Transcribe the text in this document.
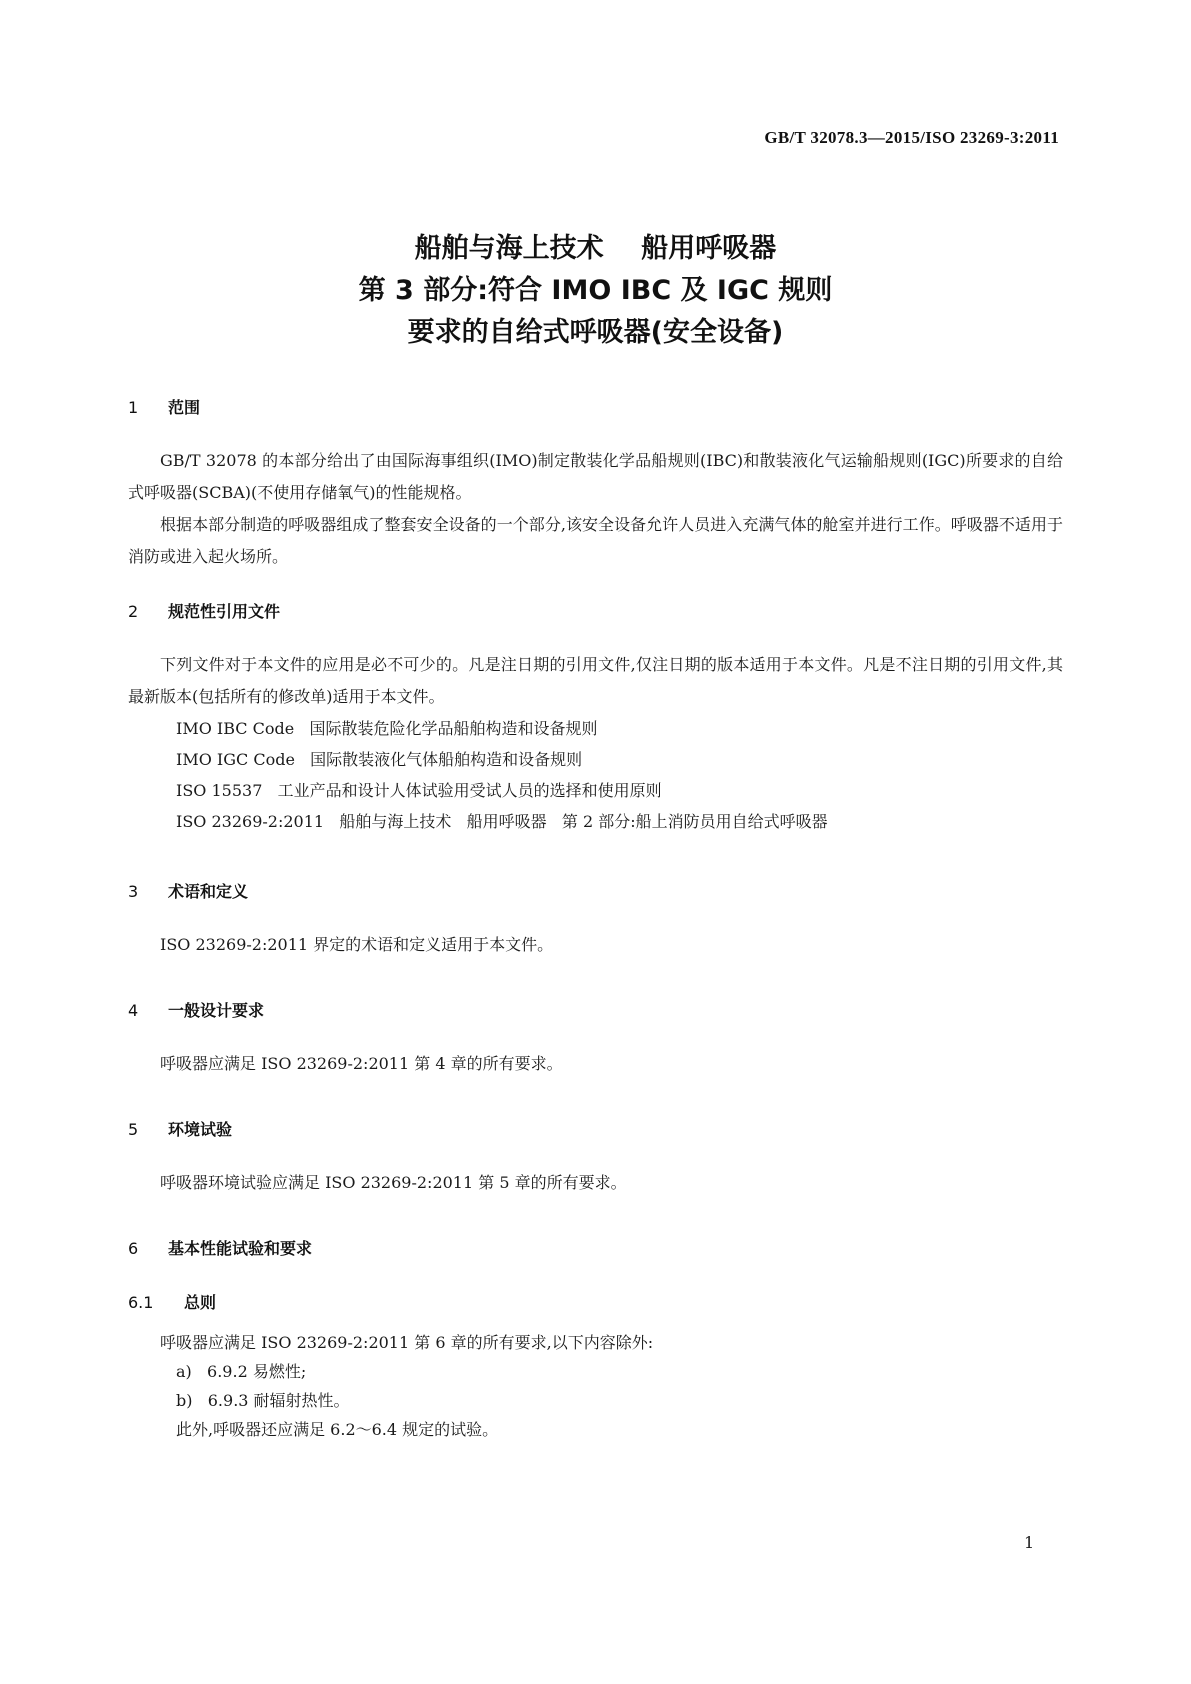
GB/T 32078.3—2015/ISO 23269-3:2011
船舶与海上技术    船用呼吸器
第 3 部分:符合 IMO IBC 及 IGC 规则
要求的自给式呼吸器(安全设备)
1 范围
GB/T 32078 的本部分给出了由国际海事组织(IMO)制定散装化学品船规则(IBC)和散装液化气运输船规则(IGC)所要求的自给式呼吸器(SCBA)(不使用存储氧气)的性能规格。
根据本部分制造的呼吸器组成了整套安全设备的一个部分,该安全设备允许人员进入充满气体的舱室并进行工作。呼吸器不适用于消防或进入起火场所。
2 规范性引用文件
下列文件对于本文件的应用是必不可少的。凡是注日期的引用文件,仅注日期的版本适用于本文件。凡是不注日期的引用文件,其最新版本(包括所有的修改单)适用于本文件。
IMO IBC Code   国际散装危险化学品船舶构造和设备规则
IMO IGC Code   国际散装液化气体船舶构造和设备规则
ISO 15537   工业产品和设计人体试验用受试人员的选择和使用原则
ISO 23269-2:2011   船舶与海上技术   船用呼吸器   第 2 部分:船上消防员用自给式呼吸器
3 术语和定义
ISO 23269-2:2011 界定的术语和定义适用于本文件。
4 一般设计要求
呼吸器应满足 ISO 23269-2:2011 第 4 章的所有要求。
5 环境试验
呼吸器环境试验应满足 ISO 23269-2:2011 第 5 章的所有要求。
6 基本性能试验和要求
6.1 总则
呼吸器应满足 ISO 23269-2:2011 第 6 章的所有要求,以下内容除外:
a)   6.9.2 易燃性;
b)   6.9.3 耐辐射热性。
此外,呼吸器还应满足 6.2～6.4 规定的试验。
1
